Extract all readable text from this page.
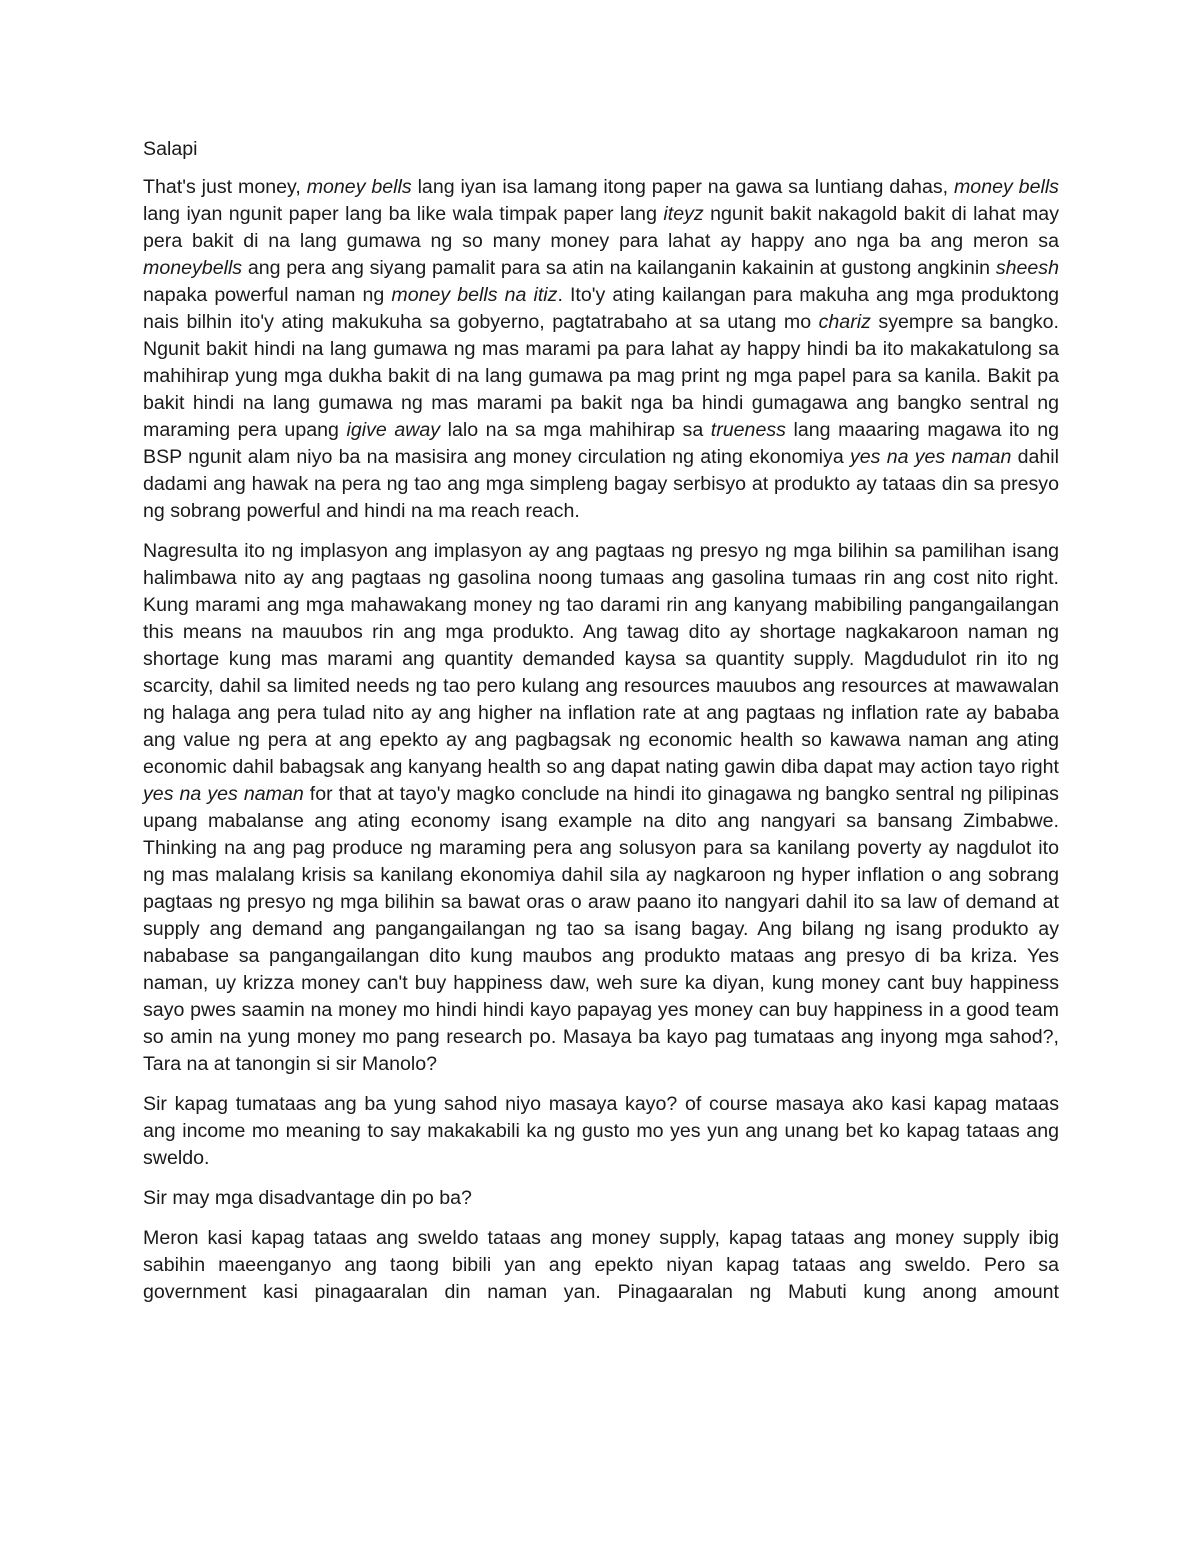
Salapi

That's just money, money bells lang iyan isa lamang itong paper na gawa sa luntiang dahas, money bells lang iyan ngunit paper lang ba like wala timpak paper lang iteyz ngunit bakit nakagold bakit di lahat may pera bakit di na lang gumawa ng so many money para lahat ay happy ano nga ba ang meron sa moneybells ang pera ang siyang pamalit para sa atin na kailanganin kakainin at gustong angkinin sheesh napaka powerful naman ng money bells na itiz. Ito'y ating kailangan para makuha ang mga produktong nais bilhin ito'y ating makukuha sa gobyerno, pagtatrabaho at sa utang mo chariz syempre sa bangko. Ngunit bakit hindi na lang gumawa ng mas marami pa para lahat ay happy hindi ba ito makakatulong sa mahihirap yung mga dukha bakit di na lang gumawa pa mag print ng mga papel para sa kanila. Bakit pa bakit hindi na lang gumawa ng mas marami pa bakit nga ba hindi gumagawa ang bangko sentral ng maraming pera upang igive away lalo na sa mga mahihirap sa trueness lang maaaring magawa ito ng BSP ngunit alam niyo ba na masisira ang money circulation ng ating ekonomiya yes na yes naman dahil dadami ang hawak na pera ng tao ang mga simpleng bagay serbisyo at produkto ay tataas din sa presyo ng sobrang powerful and hindi na ma reach reach.

Nagresulta ito ng implasyon ang implasyon ay ang pagtaas ng presyo ng mga bilihin sa pamilihan isang halimbawa nito ay ang pagtaas ng gasolina noong tumaas ang gasolina tumaas rin ang cost nito right. Kung marami ang mga mahawakang money ng tao darami rin ang kanyang mabibiling pangangailangan this means na mauubos rin ang mga produkto. Ang tawag dito ay shortage nagkakaroon naman ng shortage kung mas marami ang quantity demanded kaysa sa quantity supply. Magdudulot rin ito ng scarcity, dahil sa limited needs ng tao pero kulang ang resources mauubos ang resources at mawawalan ng halaga ang pera tulad nito ay ang higher na inflation rate at ang pagtaas ng inflation rate ay bababa ang value ng pera at ang epekto ay ang pagbagsak ng economic health so kawawa naman ang ating economic dahil babagsak ang kanyang health so ang dapat nating gawin diba dapat may action tayo right yes na yes naman for that at tayo'y magko conclude na hindi ito ginagawa ng bangko sentral ng pilipinas upang mabalanse ang ating economy isang example na dito ang nangyari sa bansang Zimbabwe. Thinking na ang pag produce ng maraming pera ang solusyon para sa kanilang poverty ay nagdulot ito ng mas malalang krisis sa kanilang ekonomiya dahil sila ay nagkaroon ng hyper inflation o ang sobrang pagtaas ng presyo ng mga bilihin sa bawat oras o araw paano ito nangyari dahil ito sa law of demand at supply ang demand ang pangangailangan ng tao sa isang bagay. Ang bilang ng isang produkto ay nababase sa pangangailangan dito kung maubos ang produkto mataas ang presyo di ba kriza. Yes naman, uy krizza money can't buy happiness daw, weh sure ka diyan, kung money cant buy happiness sayo pwes saamin na money mo hindi hindi kayo papayag yes money can buy happiness in a good team so amin na yung money mo pang research po. Masaya ba kayo pag tumataas ang inyong mga sahod?, Tara na at tanongin si sir Manolo?

Sir kapag tumataas ang ba yung sahod niyo masaya kayo? of course masaya ako kasi kapag mataas ang income mo meaning to say makakabili ka ng gusto mo yes yun ang unang bet ko kapag tataas ang sweldo.

Sir may mga disadvantage din po ba?

Meron kasi kapag tataas ang sweldo tataas ang money supply, kapag tataas ang money supply ibig sabihin maeenganyo ang taong bibili yan ang epekto niyan kapag tataas ang sweldo. Pero sa government kasi pinagaaralan din naman yan. Pinagaaralan ng Mabuti kung anong amount
